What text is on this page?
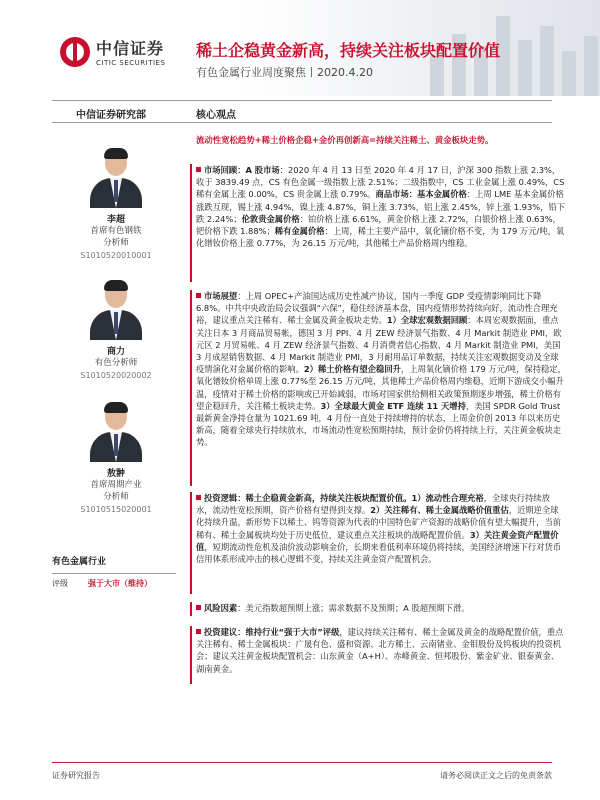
中信证券
CITIC SECURITIES
稀土企稳黄金新高，持续关注板块配置价值
有色金属行业周度聚焦丨2020.4.20
中信证券研究部	核心观点
李超
首席有色钢铁
分析师
S1010520010001
商力
有色分析师
S1010520020002
敖翀
首席周期产业
分析师
S1010515020001
有色金属行业
评级	强于大市（维持）
流动性宽松趋势+稀土价格企稳+金价再创新高=持续关注稀土、黄金板块走势。
市场回顾：A 股市场：2020 年 4 月 13 日至 2020 年 4 月 17 日，沪深 300 指数上涨 2.3%，收于 3839.49 点，CS 有色金属一级指数上涨 2.51%；二级指数中，CS 工业金属上涨 0.49%，CS 稀有金属上涨 0.00%，CS 贵金属上涨 0.79%。商品市场：基本金属价格：上周 LME 基本金属价格涨跌互现，锡上涨 4.94%，镍上涨 4.87%，铜上涨 3.73%，铝上涨 2.45%，锌上涨 1.93%，铅下跌 2.24%；伦敦贵金属价格：铂价格上涨 6.61%，黄金价格上涨 2.72%，白银价格上涨 0.63%，钯价格下跌 1.88%；稀有金属价格：上周，稀土主要产品中，氧化镝价格不变，为 179 万元/吨，氧化镨钕价格上涨 0.77%，为 26.15 万元/吨，其他稀土产品价格周内维稳。
市场展望：上周 OPEC+产油国达成历史性减产协议，国内一季度 GDP 受疫情影响同比下降 6.8%。中共中央政治局会议强调“六保”，稳住经济基本盘，国内疫情形势持续向好，流动性合理充裕，建议重点关注稀有、稀土金属及黄金板块走势。1）全球宏观数据回顾：本周宏观数据面，重点关注日本 3 月商品贸易帐，德国 3 月 PPI、4 月 ZEW 经济景气指数、4 月 Markit 制造业 PMI，欧元区 2 月贸易帐、4 月 ZEW 经济景气指数、4 月消费者信心指数、4 月 Markit 制造业 PMI，美国 3 月成屋销售数据、4 月 Markit 制造业 PMI，3 月耐用品订单数据，持续关注宏观数据变动及全球疫情演化对金属价格的影响。2）稀土价格有望企稳回升，上周氧化镝价格 179 万元/吨，保持稳定，氧化镨钕价格单周上涨 0.77%至 26.15 万元/吨，其他稀土产品价格周内维稳，近期下游成交小幅升温，疫情对于稀土价格的影响或已开始减弱，市场对国家供给侧相关政策预期逐步增强，稀土价格有望企稳回升，关注稀土板块走势。3）全球最大黄金 ETF 连续 11 天增持，美国 SPDR Gold Trust 最新黄金净持仓量为 1021.69 吨，4 月份一直处于持续增持的状态，上周金价创 2013 年以来历史新高，随着全球央行持续放水，市场流动性宽松预期持续，预计金价仍将持续上行，关注黄金板块走势。
投资逻辑：稀土企稳黄金新高，持续关注板块配置价值。1）流动性合理充裕，全球央行持续放水，流动性宽松预期，资产价格有望得到支撑。2）关注稀有、稀土金属战略价值重估，近期逆全球化持续升温，新形势下以稀土、钨等资源为代表的中国特色矿产资源的战略价值有望大幅提升，当前稀有、稀土金属板块均处于历史低位，建议重点关注板块的战略配置价值。3）关注黄金资产配置价值，短期流动性危机及油价波动影响金价，长期来看低利率环境仍将持续，美国经济增速下行对货币信用体系形成冲击的核心逻辑不变，持续关注黄金资产配置机会。
风险因素：美元指数超预期上涨；需求数据不及预期；A 股超预期下滑。
投资建议：维持行业“强于大市”评级，建议持续关注稀有、稀土金属及黄金的战略配置价值，重点关注稀有、稀土金属板块：广晟有色、盛和资源、北方稀土、云南锗业、金钼股份及钨板块的投资机会；建议关注黄金板块配置机会：山东黄金（A+H）、赤峰黄金、恒邦股份、紫金矿业、银泰黄金、湖南黄金。
证券研究报告	请务必阅读正文之后的免责条款
